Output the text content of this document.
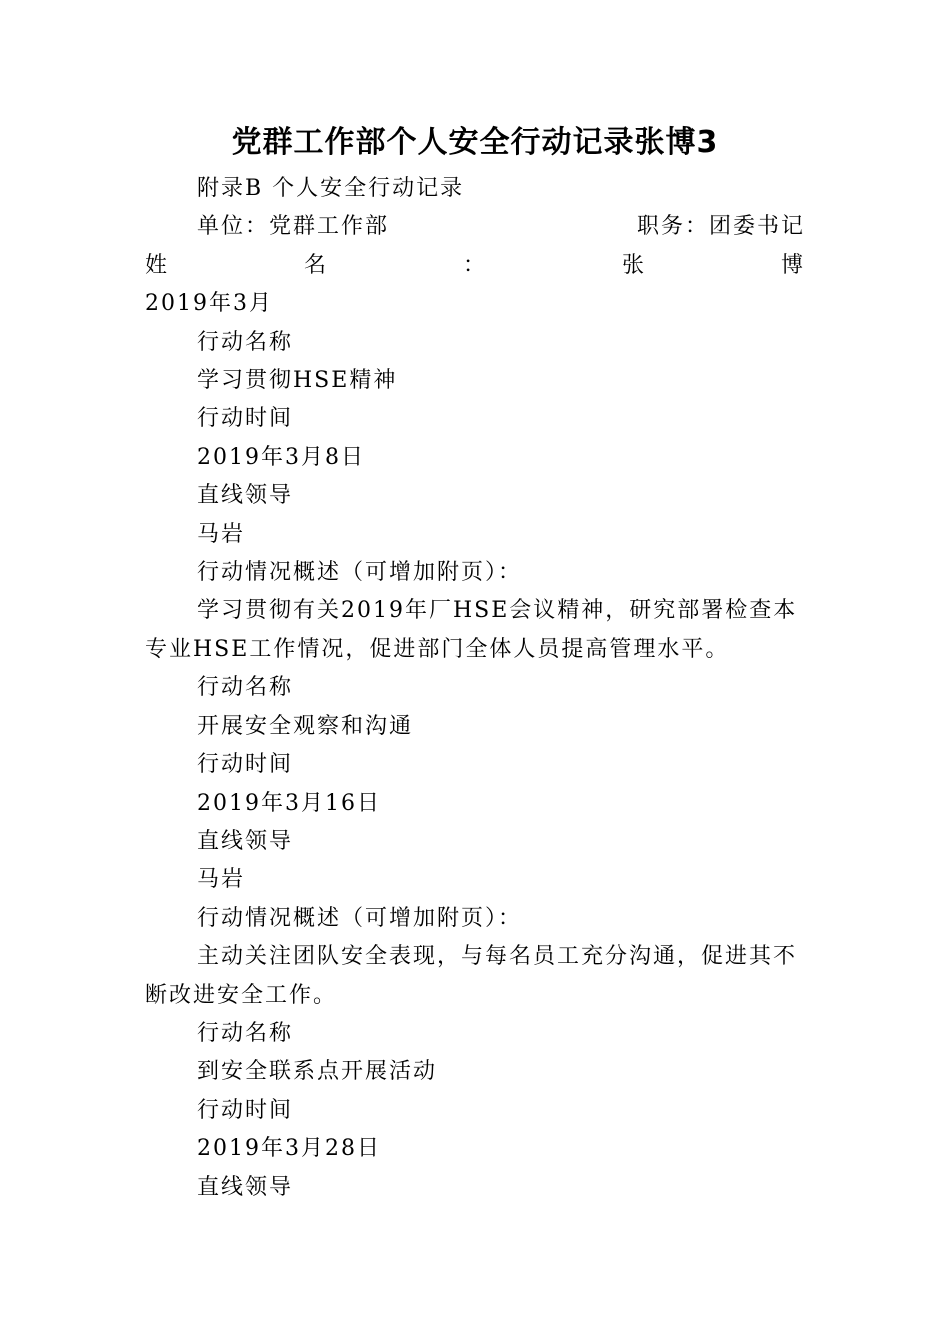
党群工作部个人安全行动记录张博3

附录B 个人安全行动记录

单位：党群工作部	职务：团委书记
姓	名	：	张	博

2019年3月

行动名称

学习贯彻HSE精神

行动时间

2019年3月8日

直线领导

马岩

行动情况概述（可增加附页）：

学习贯彻有关2019年厂HSE会议精神，研究部署检查本专业HSE工作情况，促进部门全体人员提高管理水平。

行动名称

开展安全观察和沟通

行动时间

2019年3月16日

直线领导

马岩

行动情况概述（可增加附页）：

主动关注团队安全表现，与每名员工充分沟通，促进其不断改进安全工作。

行动名称

到安全联系点开展活动

行动时间

2019年3月28日

直线领导
